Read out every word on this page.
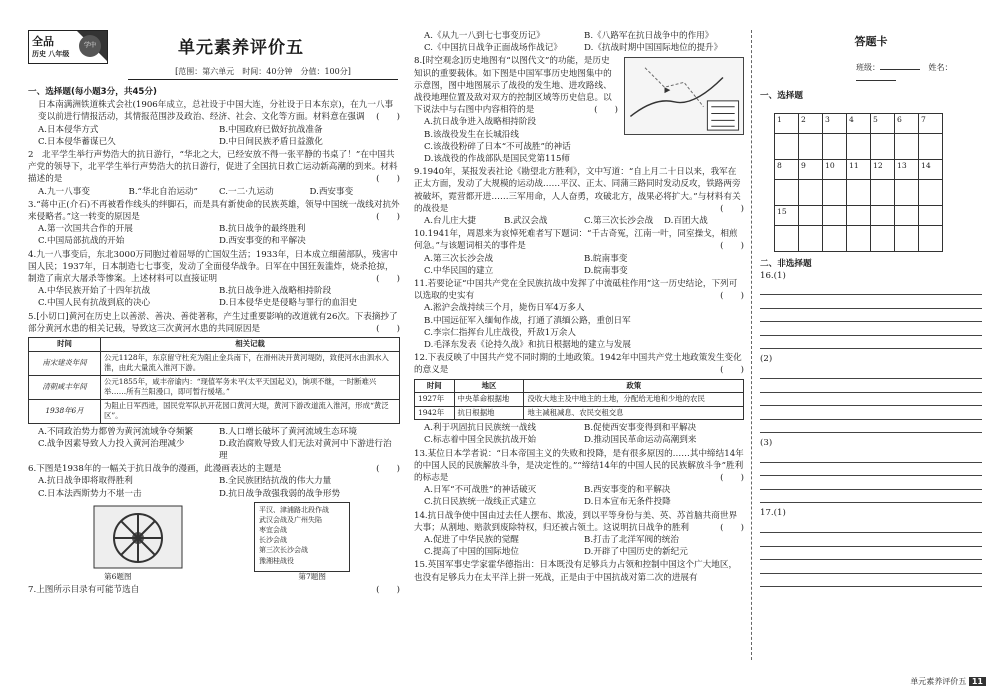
全品
历史 八年级
学中	单元素养评价五
[范围：第六单元　时间：40分钟　分值：100分]
一、选择题(每小题3分，共45分)
日本南满洲铁道株式会社(1906年成立，总社设于中国大连，分社设于日本东京)，在九一八事变以前进行情报活动，其情报范围涉及政治、经济、社会、文化等方面。材料意在强调 (　　)
A.日本侵华方式	B.中国政府已做好抗战准备
C.日本侵华蓄谋已久	D.中日间民族矛盾日益激化
2　北平学生举行声势浩大的抗日游行，“华北之大，已经安放不得一张平静的书桌了！”在中国共产党的领导下，北平学生举行声势浩大的抗日游行，促进了全国抗日救亡运动新高潮的到来。材料描述的是	(　　)
A.九一八事变	B.“华北自治运动”	C.一二·九运动	D.西安事变
3.“蒋中正(介石)不再被看作线头的绊脚石，而是具有新使命的民族英雄，领导中国统一战线对抗外来侵略者。”这一转变的原因是	(　　)
A.第一次国共合作的开展	B.抗日战争的最终胜利
C.中国局部抗战的开始	D.西安事变的和平解决
4.九一八事变后，东北3000万同胞过着屈辱的亡国奴生活；1933年，日本成立细菌部队，残害中国人民；1937年，日本制造七七事变，发动了全面侵华战争。日军在中国狂轰滥炸，烧杀抢掠，制造了南京大屠杀等惨案。上述材料可以直接证明	(　　)
A.中华民族开始了十四年抗战	B.抗日战争进入战略相持阶段
C.中国人民有抗战到底的决心	D.日本侵华史是侵略与罪行的血泪史
5.[小切口]黄河在历史上以善淤、善决、善徙著称，产生过重要影响的改道就有26次。下表摘抄了部分黄河水患的相关记载，导致这三次黄河水患的共同原因是	(　　)
时间	相关记载
南宋建炎年间	公元1128年，东京留守杜充为阻止金兵南下，在滑州决开黄河堤防，致使河水由泗水入淮，由此大量流入淮河下游。
清朝咸丰年间	公元1855年，咸丰帝谕内：“现值军务未平(太平天国起义)，饷项不继，一时断难兴举……所有兰阳漫口，即可暂行缓堵。”
1938年6月	为阻止日军西进，国民党军队扒开花园口黄河大堤，黄河下游改道流入淮河，形成“黄泛区”。
A.不同政治势力都曾为黄河流域争夺频繁	B.人口增长破坏了黄河流域生态环境
C.战争因素导致人力投入黄河治理减少	D.政治腐败导致人们无法对黄河中下游进行治理
6.下图是1938年的一幅关于抗日战争的漫画，此漫画表达的主题是	(　　)
A.抗日战争即将取得胜利	B.全民族团结抗战的伟大力量
C.日本法西斯势力不堪一击	D.抗日战争敌强我弱的战争形势
平汉、津浦路北段作战
武汉会战及广州失陷
枣宜会战
长沙会战
第三次长沙会战
豫湘桂战役
第6题图	第7题图
7.上图所示目录有可能节选自	(　　)
A.《从九一八到七七事变历记》	B.《八路军在抗日战争中的作用》
C.《中国抗日战争正面战场作战记》	D.《抗战时期中国国际地位的提升》
8.[时空观念]历史地图有“以图代文”的功能，是历史知识的重要载体。如下图是中国军事历史地图集中的示意图，图中地图展示了战役的发生地、进攻路线、战役地理位置及敌对双方的控制区域等历史信息。以下说法中与右图中内容相符的是	(　　)
A.抗日战争进入战略相持阶段
B.该战役发生在长城沿线
C.该战役粉碎了日本“不可战胜”的神话
D.该战役的作战部队是国民党第115师
9.1940年，某报发表社论《勘望北方胜利》，文中写道：“自上月二十日以来，我军在正太方面，发动了大规模的运动战……平汉、正太、同蒲三路同时发动反攻，铁路两旁被破坏，霓营都开进……三军用命，人人奋勇，攻破北方，战果必将扩大。”与材料有关的战役是	(　　)
A.台儿庄大捷	B.武汉会战	C.第三次长沙会战	D.百团大战
10.1941年，周恩来为哀悼死难者写下题词：“千古奇冤，江南一叶，同室操戈，相煎何急。”与该题词相关的事件是	(　　)
A.第三次长沙会战	B.皖南事变
C.中华民国的建立	D.皖南事变
11.若要论证“中国共产党在全民族抗战中发挥了中流砥柱作用”这一历史结论，下列可以选取的史实有	(　　)
A.淞沪会战持续三个月，毙伤日军4万多人
B.中国远征军入缅甸作战，打通了滇缅公路，重创日军
C.李宗仁指挥台儿庄战役，歼敌1万余人
D.毛泽东发表《论持久战》和抗日根据地的建立与发展
12.下表反映了中国共产党不同时期的土地政策。1942年中国共产党土地政策发生变化的意义是	(　　)
时间	地区	政策
1927年	中央革命根据地	没收大地主及中地主的土地，分配给无地和少地的农民
1942年	抗日根据地	地主减租减息、农民交租交息
A.利于巩固抗日民族统一战线	B.促使西安事变得到和平解决
C.标志着中国全民族抗战开始	D.推动国民革命运动高潮到来
13.某位日本学者说：“日本帝国主义的失败和投降，是有很多原因的……其中缔结14年的中国人民的民族解放斗争，是决定性的。”“缔结14年的中国人民的民族解放斗争”胜利的标志是	(　　)
A.日军“不可战胜”的神话破灭	B.西安事变的和平解决
C.抗日民族统一战线正式建立	D.日本宣布无条件投降
14.抗日战争使中国由过去任人摆布、欺凌，到以平等身份与美、英、苏首脑共商世界大事；从割地、赔款到废除特权，归还被占领土。这说明抗日战争的胜利	(　　)
A.促进了中华民族的觉醒	B.打击了北洋军阀的统治
C.提高了中国的国际地位	D.开辟了中国历史的新纪元
15.英国军事史学家霍华德指出：日本既没有足够兵力占领和控制中国这个广大地区，也没有足够兵力在太平洋上拼一死战，正是由于中国抗战对第二次的进展有
答题卡
班级：	姓名：
一、选择题
1	2	3	4	5	6	7

8	9	10	11	12	13	14

15						

二、非选择题
16.(1)
(2)
(3)
17.(1)
单元素养评价五 11
